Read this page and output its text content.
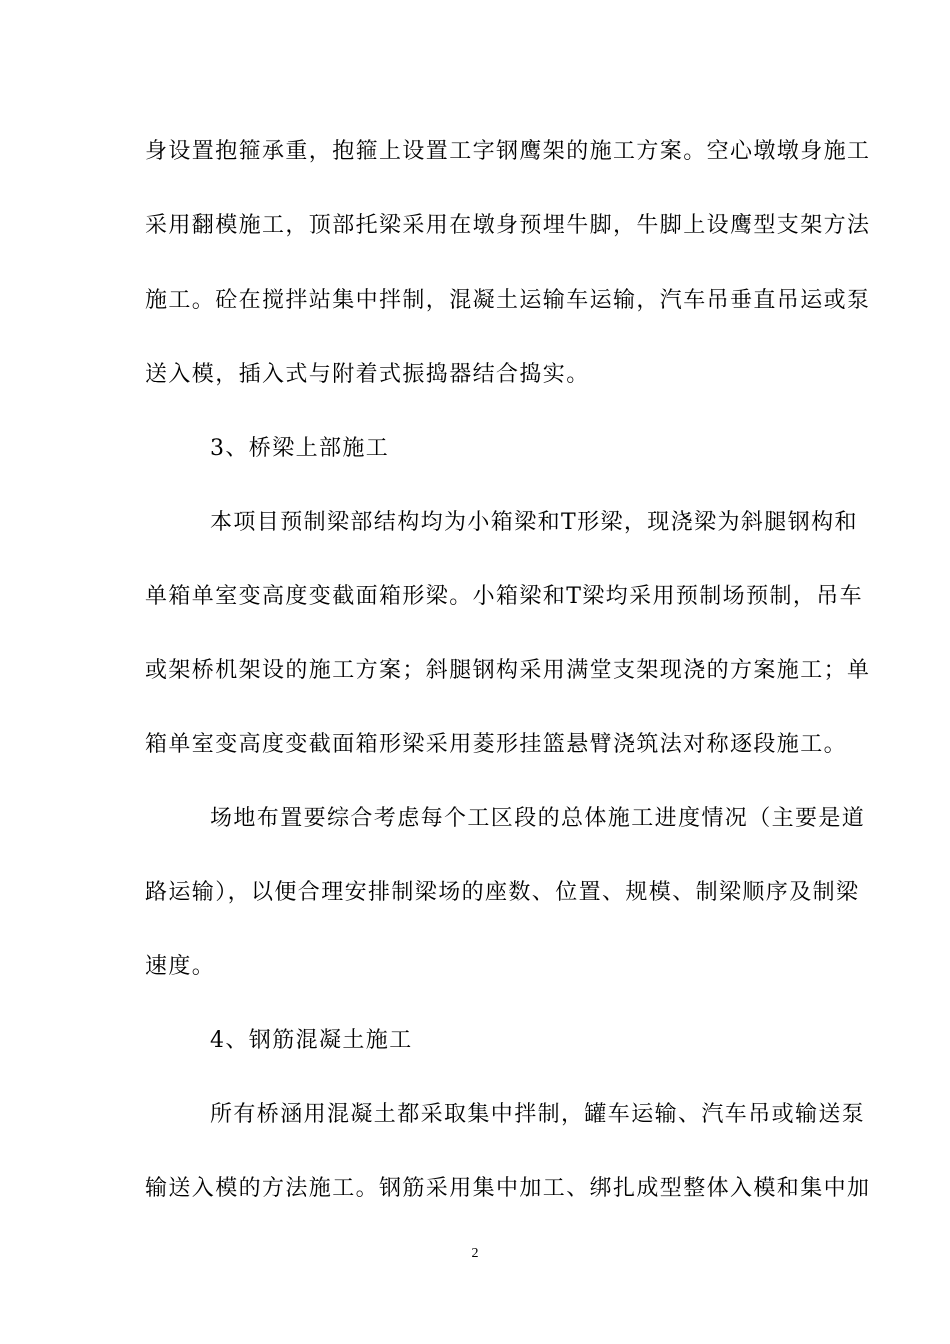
身设置抱箍承重，抱箍上设置工字钢鹰架的施工方案。空心墩墩身施工
采用翻模施工，顶部托梁采用在墩身预埋牛脚，牛脚上设鹰型支架方法
施工。砼在搅拌站集中拌制，混凝土运输车运输，汽车吊垂直吊运或泵
送入模，插入式与附着式振捣器结合捣实。
3、桥梁上部施工
本项目预制梁部结构均为小箱梁和T形梁，现浇梁为斜腿钢构和
单箱单室变高度变截面箱形梁。小箱梁和T梁均采用预制场预制，吊车
或架桥机架设的施工方案；斜腿钢构采用满堂支架现浇的方案施工；单
箱单室变高度变截面箱形梁采用菱形挂篮悬臂浇筑法对称逐段施工。
场地布置要综合考虑每个工区段的总体施工进度情况（主要是道
路运输），以便合理安排制梁场的座数、位置、规模、制梁顺序及制梁
速度。
4、钢筋混凝土施工
所有桥涵用混凝土都采取集中拌制，罐车运输、汽车吊或输送泵
输送入模的方法施工。钢筋采用集中加工、绑扎成型整体入模和集中加
2
